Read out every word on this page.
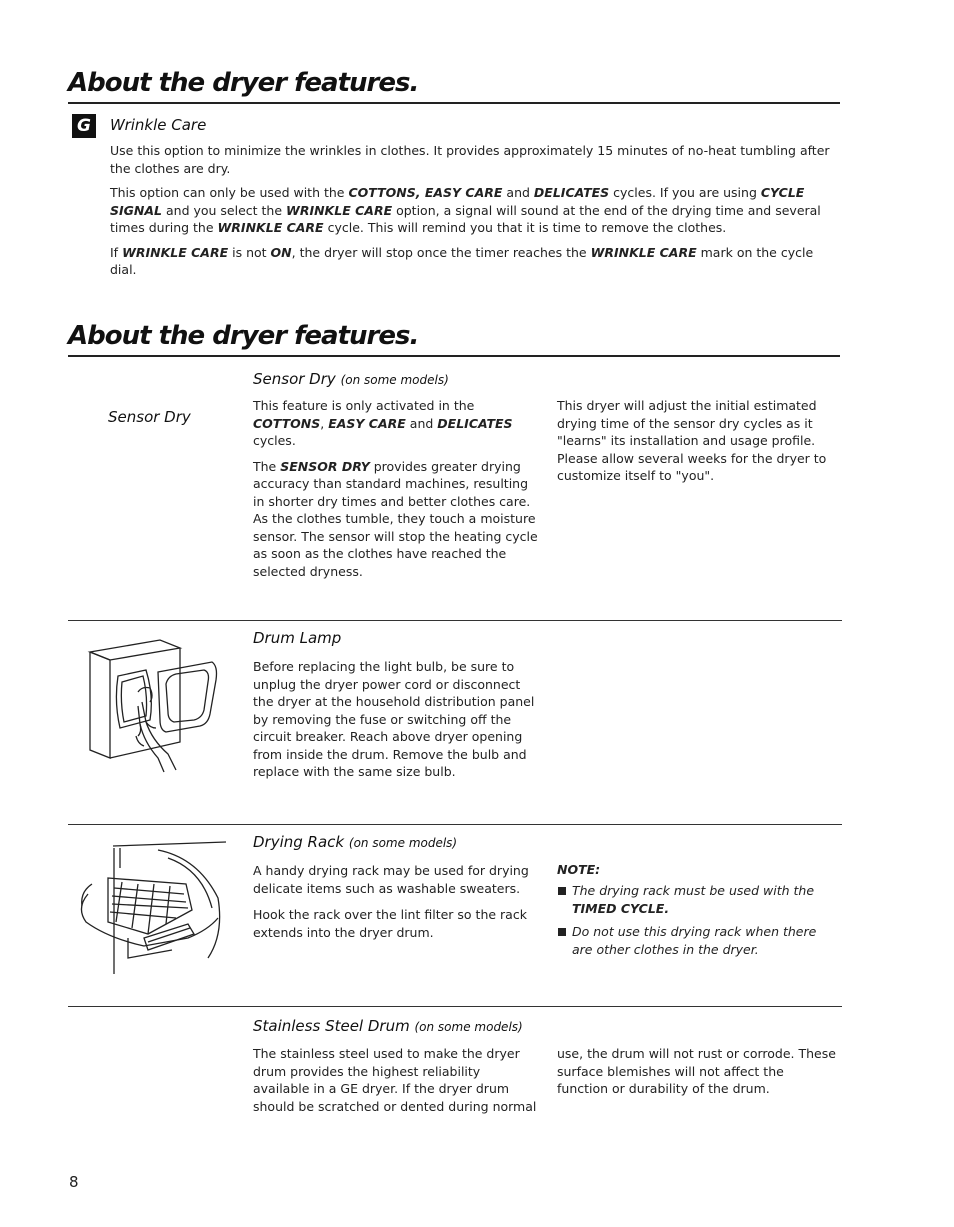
About the dryer features.
G	Wrinkle Care

Use this option to minimize the wrinkles in clothes. It provides approximately 15 minutes of no-heat tumbling after the clothes are dry.

This option can only be used with the COTTONS, EASY CARE and DELICATES cycles. If you are using CYCLE SIGNAL and you select the WRINKLE CARE option, a signal will sound at the end of the drying time and several times during the WRINKLE CARE cycle. This will remind you that it is time to remove the clothes.

If WRINKLE CARE is not ON, the dryer will stop once the timer reaches the WRINKLE CARE mark on the cycle dial.

About the dryer features.
Sensor Dry
Sensor Dry (on some models)

This feature is only activated in the COTTONS, EASY CARE and DELICATES cycles.

The SENSOR DRY provides greater drying accuracy than standard machines, resulting in shorter dry times and better clothes care. As the clothes tumble, they touch a moisture sensor. The sensor will stop the heating cycle as soon as the clothes have reached the selected dryness.

This dryer will adjust the initial estimated drying time of the sensor dry cycles as it "learns" its installation and usage profile. Please allow several weeks for the dryer to customize itself to "you".

Drum Lamp

Before replacing the light bulb, be sure to unplug the dryer power cord or disconnect the dryer at the household distribution panel by removing the fuse or switching off the circuit breaker. Reach above dryer opening from inside the drum. Remove the bulb and replace with the same size bulb.

Drying Rack (on some models)

A handy drying rack may be used for drying delicate items such as washable sweaters.

Hook the rack over the lint filter so the rack extends into the dryer drum.

NOTE:
The drying rack must be used with the TIMED CYCLE.
Do not use this drying rack when there are other clothes in the dryer.
Stainless Steel Drum (on some models)

The stainless steel used to make the dryer drum provides the highest reliability available in a GE dryer. If the dryer drum should be scratched or dented during normal

use, the drum will not rust or corrode. These surface blemishes will not affect the function or durability of the drum.

8
